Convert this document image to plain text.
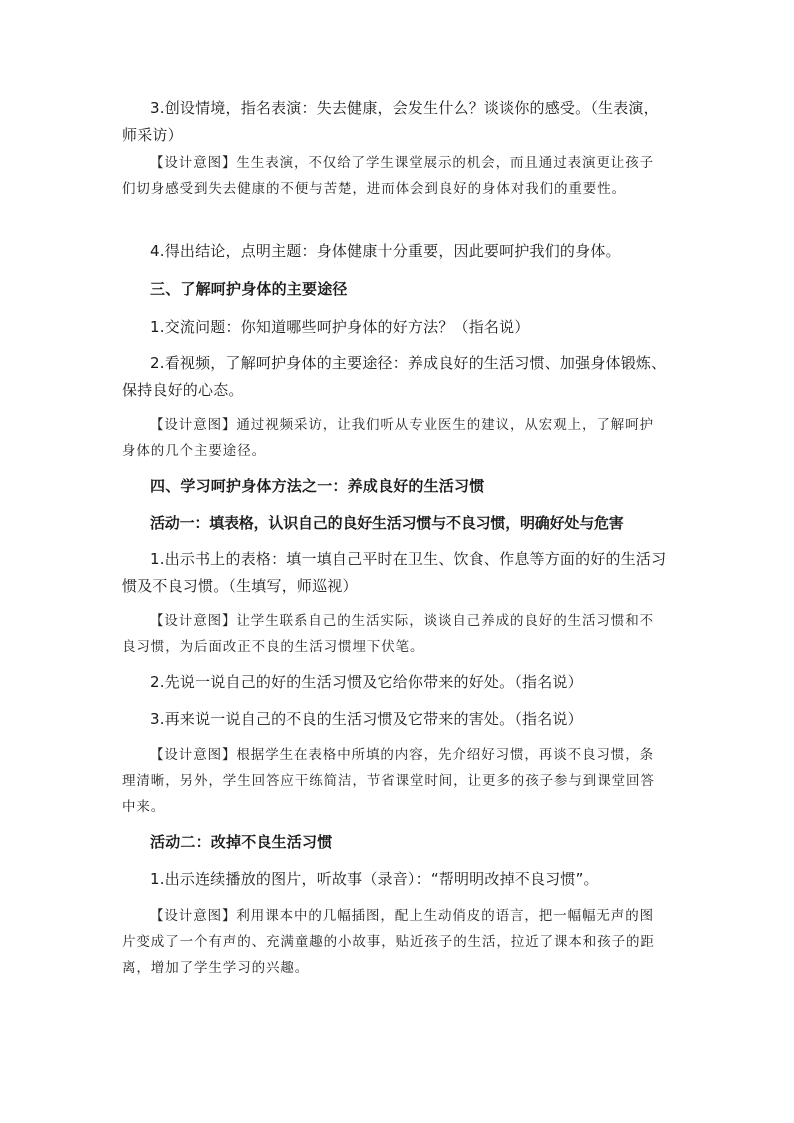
3.创设情境，指名表演：失去健康，会发生什么？谈谈你的感受。（生表演，师采访）

【设计意图】生生表演，不仅给了学生课堂展示的机会，而且通过表演更让孩子们切身感受到失去健康的不便与苦楚，进而体会到良好的身体对我们的重要性。

4.得出结论，点明主题：身体健康十分重要，因此要呵护我们的身体。

三、了解呵护身体的主要途径

1.交流问题：你知道哪些呵护身体的好方法？（指名说）

2.看视频，了解呵护身体的主要途径：养成良好的生活习惯、加强身体锻炼、保持良好的心态。

【设计意图】通过视频采访，让我们听从专业医生的建议，从宏观上，了解呵护身体的几个主要途径。

四、学习呵护身体方法之一：养成良好的生活习惯

活动一：填表格，认识自己的良好生活习惯与不良习惯，明确好处与危害

1.出示书上的表格：填一填自己平时在卫生、饮食、作息等方面的好的生活习惯及不良习惯。（生填写，师巡视）

【设计意图】让学生联系自己的生活实际，谈谈自己养成的良好的生活习惯和不良习惯，为后面改正不良的生活习惯埋下伏笔。

2.先说一说自己的好的生活习惯及它给你带来的好处。（指名说）

3.再来说一说自己的不良的生活习惯及它带来的害处。（指名说）

【设计意图】根据学生在表格中所填的内容，先介绍好习惯，再谈不良习惯，条理清晰，另外，学生回答应干练简洁，节省课堂时间，让更多的孩子参与到课堂回答中来。

活动二：改掉不良生活习惯

1.出示连续播放的图片，听故事（录音）：“帮明明改掉不良习惯”。

【设计意图】利用课本中的几幅插图，配上生动俏皮的语言，把一幅幅无声的图片变成了一个有声的、充满童趣的小故事，贴近孩子的生活，拉近了课本和孩子的距离，增加了学生学习的兴趣。
